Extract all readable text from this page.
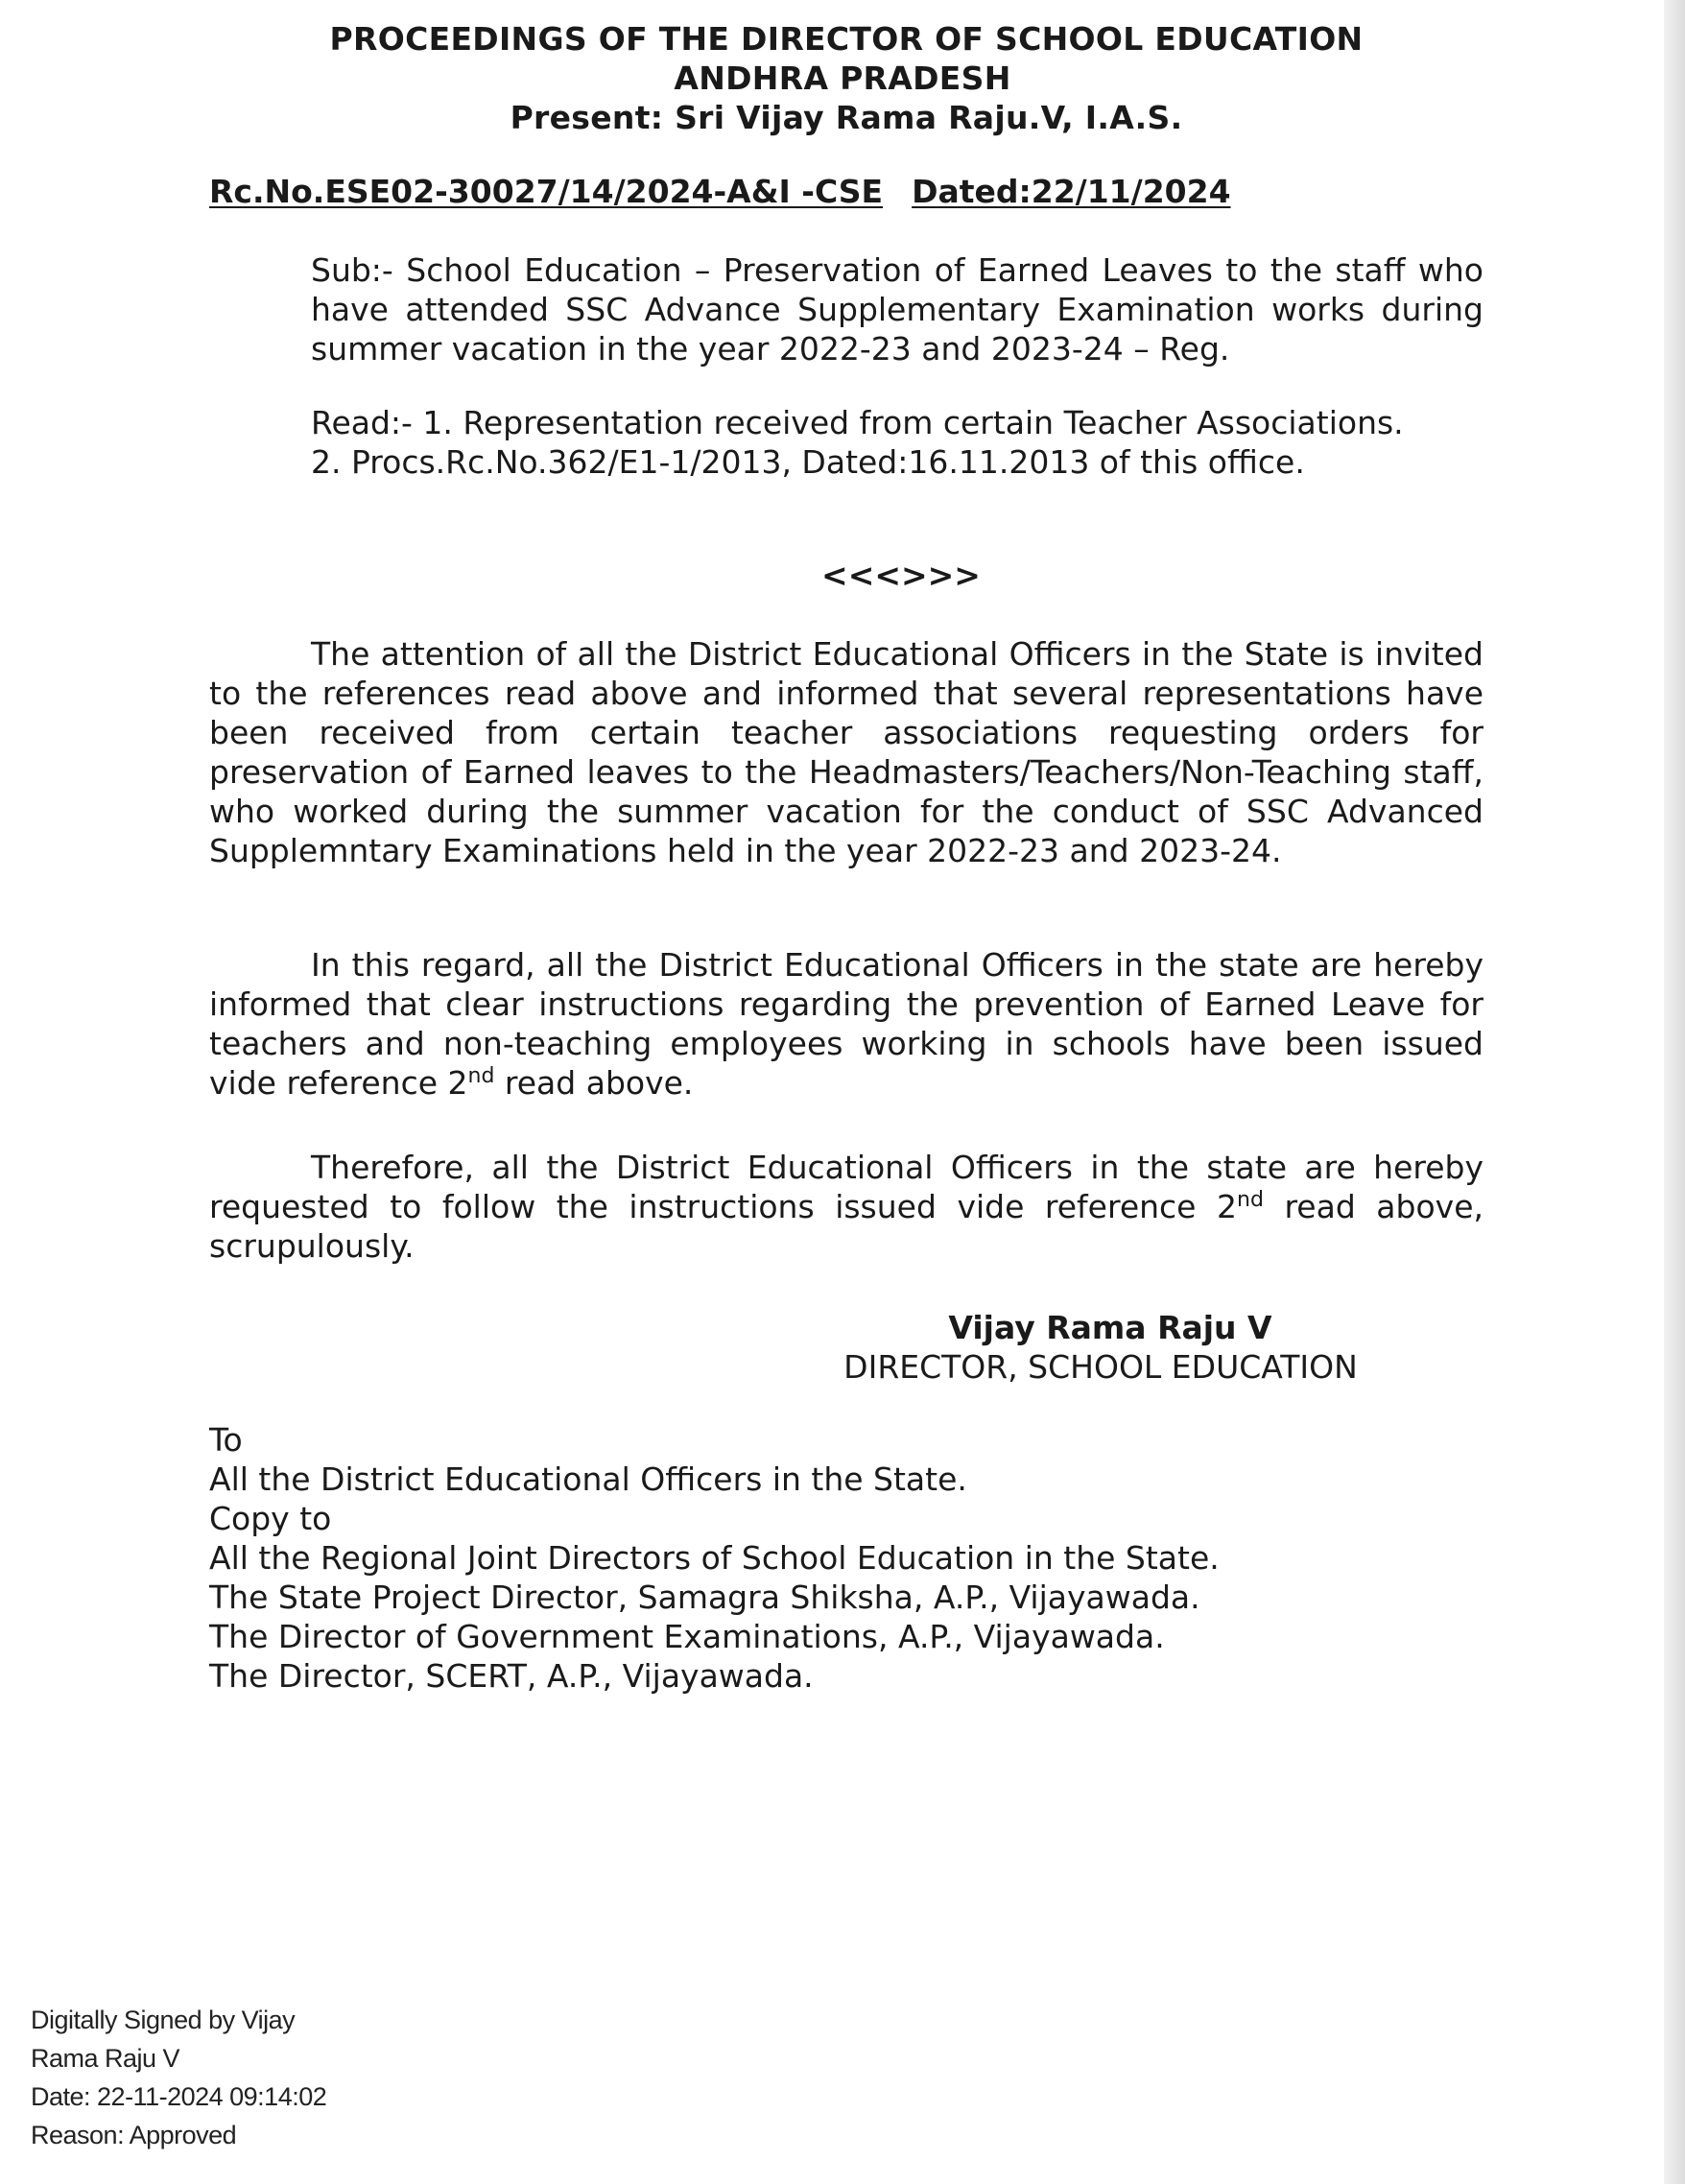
PROCEEDINGS OF THE DIRECTOR OF SCHOOL EDUCATION
ANDHRA PRADESH
Present: Sri Vijay Rama Raju.V, I.A.S.
Rc.No.ESE02-30027/14/2024-A&I -CSE Dated:22/11/2024
Sub:- School Education – Preservation of Earned Leaves to the staff who have attended SSC Advance Supplementary Examination works during summer vacation in the year 2022-23 and 2023-24 – Reg.
Read:- 1. Representation received from certain Teacher Associations.
2. Procs.Rc.No.362/E1-1/2013, Dated:16.11.2013 of this office.
<<<>>>
The attention of all the District Educational Officers in the State is invited to the references read above and informed that several representations have been received from certain teacher associations requesting orders for preservation of Earned leaves to the Headmasters/Teachers/Non-Teaching staff, who worked during the summer vacation for the conduct of SSC Advanced Supplemntary Examinations held in the year 2022-23 and 2023-24.
In this regard, all the District Educational Officers in the state are hereby informed that clear instructions regarding the prevention of Earned Leave for teachers and non-teaching employees working in schools have been issued vide reference 2nd read above.
Therefore, all the District Educational Officers in the state are hereby requested to follow the instructions issued vide reference 2nd read above, scrupulously.
Vijay Rama Raju V
DIRECTOR, SCHOOL EDUCATION
To
All the District Educational Officers in the State.
Copy to
All the Regional Joint Directors of School Education in the State.
The State Project Director, Samagra Shiksha, A.P., Vijayawada.
The Director of Government Examinations, A.P., Vijayawada.
The Director, SCERT, A.P., Vijayawada.
Digitally Signed by Vijay
Rama Raju V
Date: 22-11-2024 09:14:02
Reason: Approved
